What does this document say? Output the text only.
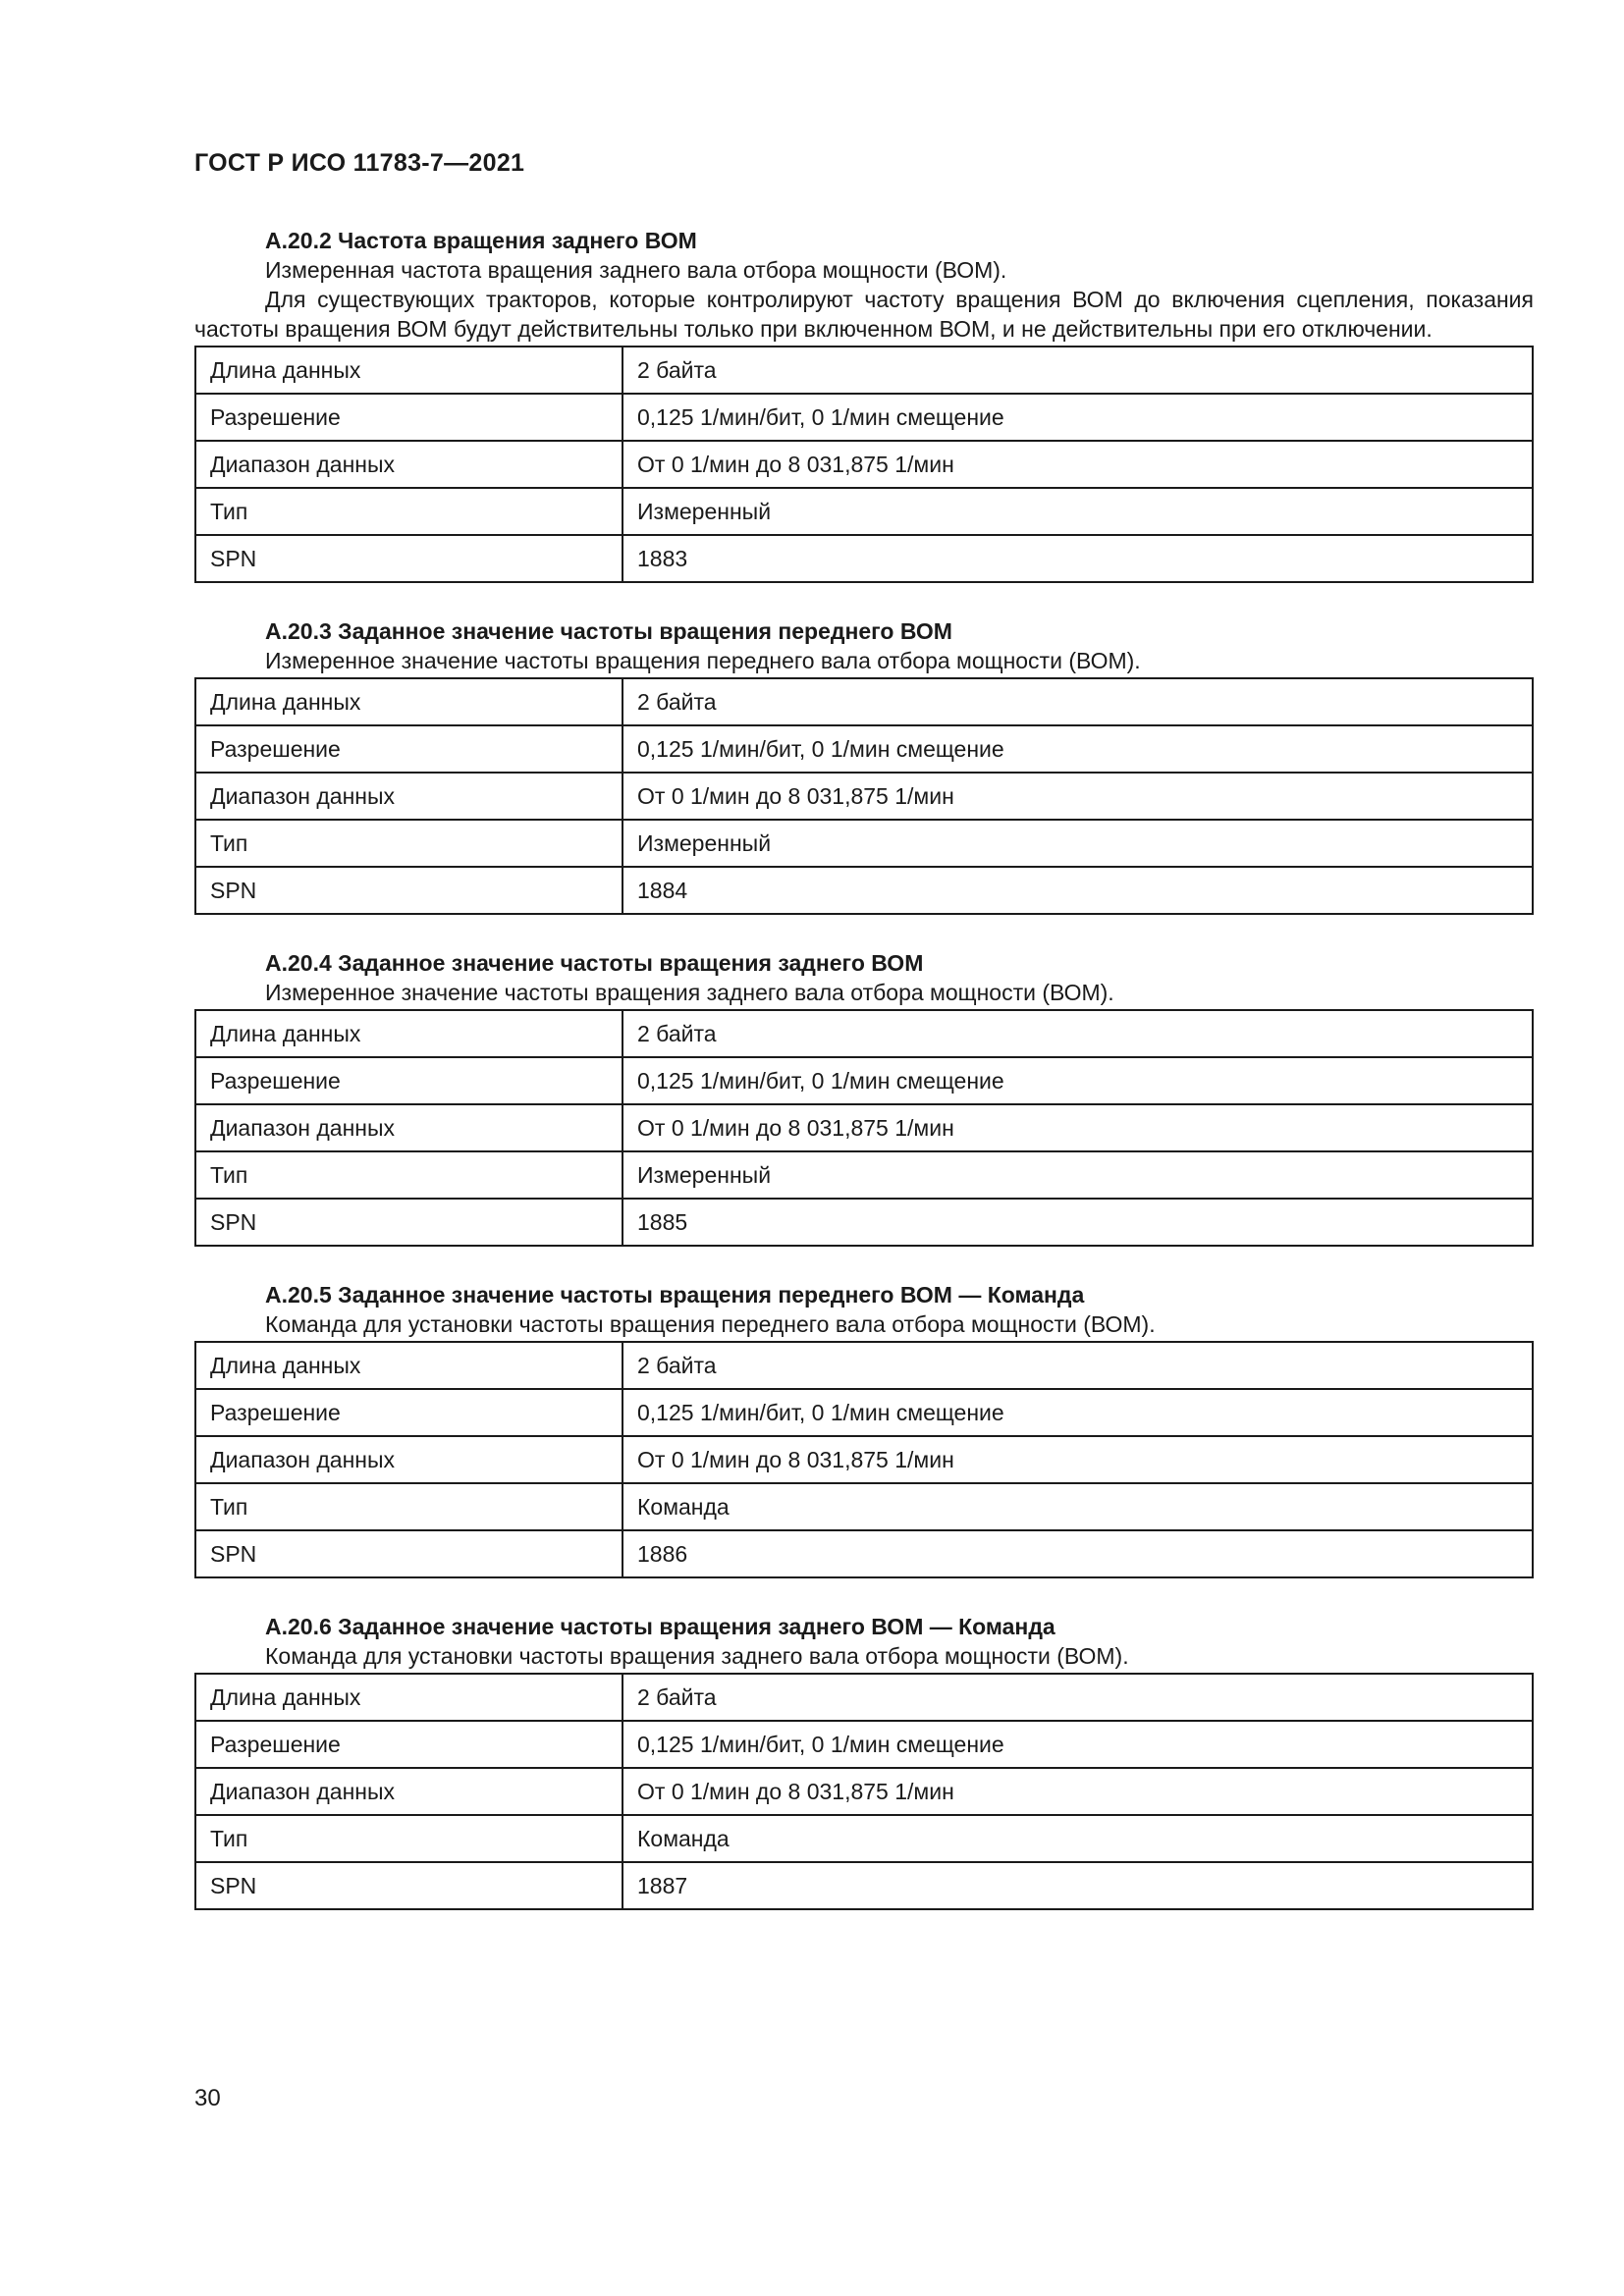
ГОСТ Р ИСО 11783-7—2021
A.20.2 Частота вращения заднего ВОМ

Измеренная частота вращения заднего вала отбора мощности (ВОМ).

Для существующих тракторов, которые контролируют частоту вращения ВОМ до включения сцепления, показания частоты вращения ВОМ будут действительны только при включенном ВОМ, и не действительны при его отключении.

Длина данных	2 байта
Разрешение	0,125 1/мин/бит, 0 1/мин смещение
Диапазон данных	От 0 1/мин до 8 031,875 1/мин
Тип	Измеренный
SPN	1883
A.20.3 Заданное значение частоты вращения переднего ВОМ

Измеренное значение частоты вращения переднего вала отбора мощности (ВОМ).

Длина данных	2 байта
Разрешение	0,125 1/мин/бит, 0 1/мин смещение
Диапазон данных	От 0 1/мин до 8 031,875 1/мин
Тип	Измеренный
SPN	1884
A.20.4 Заданное значение частоты вращения заднего ВОМ

Измеренное значение частоты вращения заднего вала отбора мощности (ВОМ).

Длина данных	2 байта
Разрешение	0,125 1/мин/бит, 0 1/мин смещение
Диапазон данных	От 0 1/мин до 8 031,875 1/мин
Тип	Измеренный
SPN	1885
A.20.5 Заданное значение частоты вращения переднего ВОМ — Команда

Команда для установки частоты вращения переднего вала отбора мощности (ВОМ).

Длина данных	2 байта
Разрешение	0,125 1/мин/бит, 0 1/мин смещение
Диапазон данных	От 0 1/мин до 8 031,875 1/мин
Тип	Команда
SPN	1886
A.20.6 Заданное значение частоты вращения заднего ВОМ — Команда

Команда для установки частоты вращения заднего вала отбора мощности (ВОМ).

Длина данных	2 байта
Разрешение	0,125 1/мин/бит, 0 1/мин смещение
Диапазон данных	От 0 1/мин до 8 031,875 1/мин
Тип	Команда
SPN	1887
30
